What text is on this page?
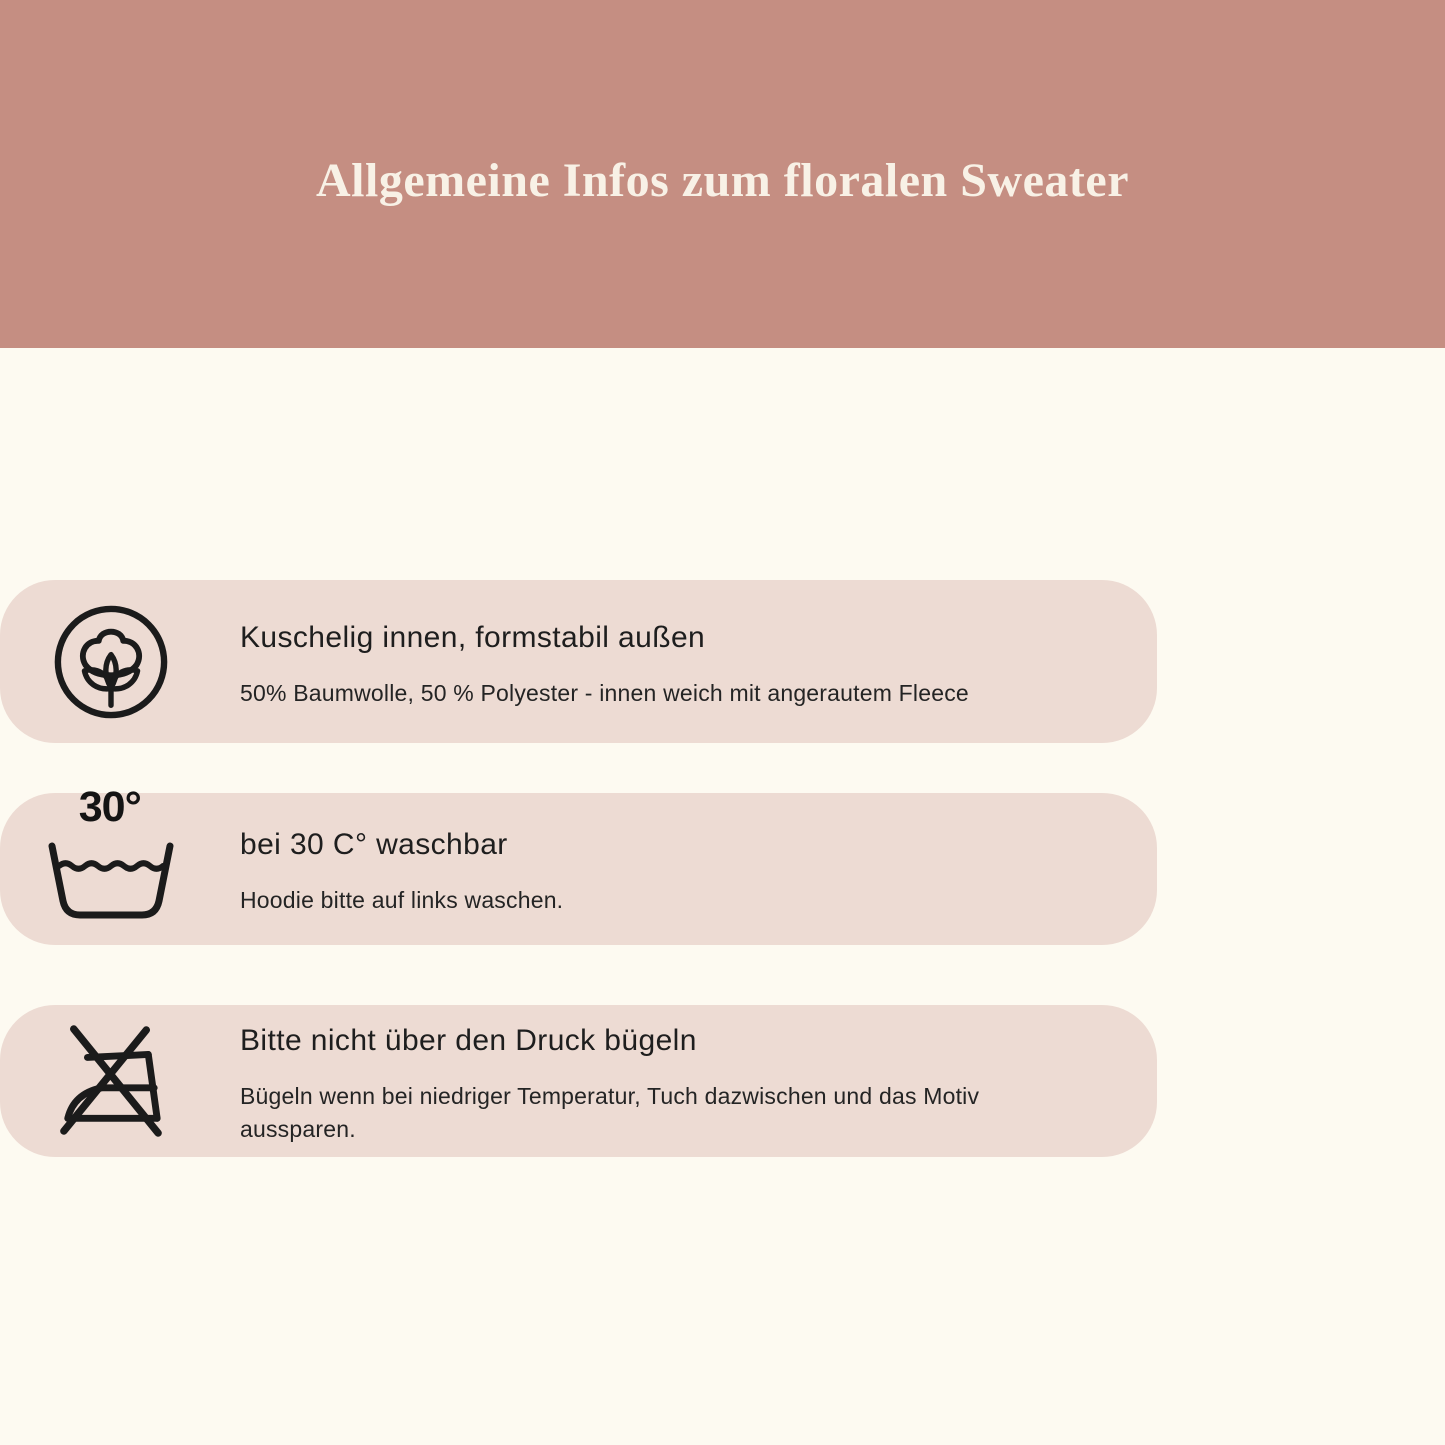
Allgemeine Infos zum floralen Sweater
Kuschelig innen, formstabil außen
50% Baumwolle, 50 % Polyester - innen weich mit angerautem Fleece
30°
bei 30 C° waschbar
Hoodie bitte auf links waschen.
Bitte nicht über den Druck bügeln
Bügeln wenn bei niedriger Temperatur, Tuch dazwischen und das Motiv aussparen.
